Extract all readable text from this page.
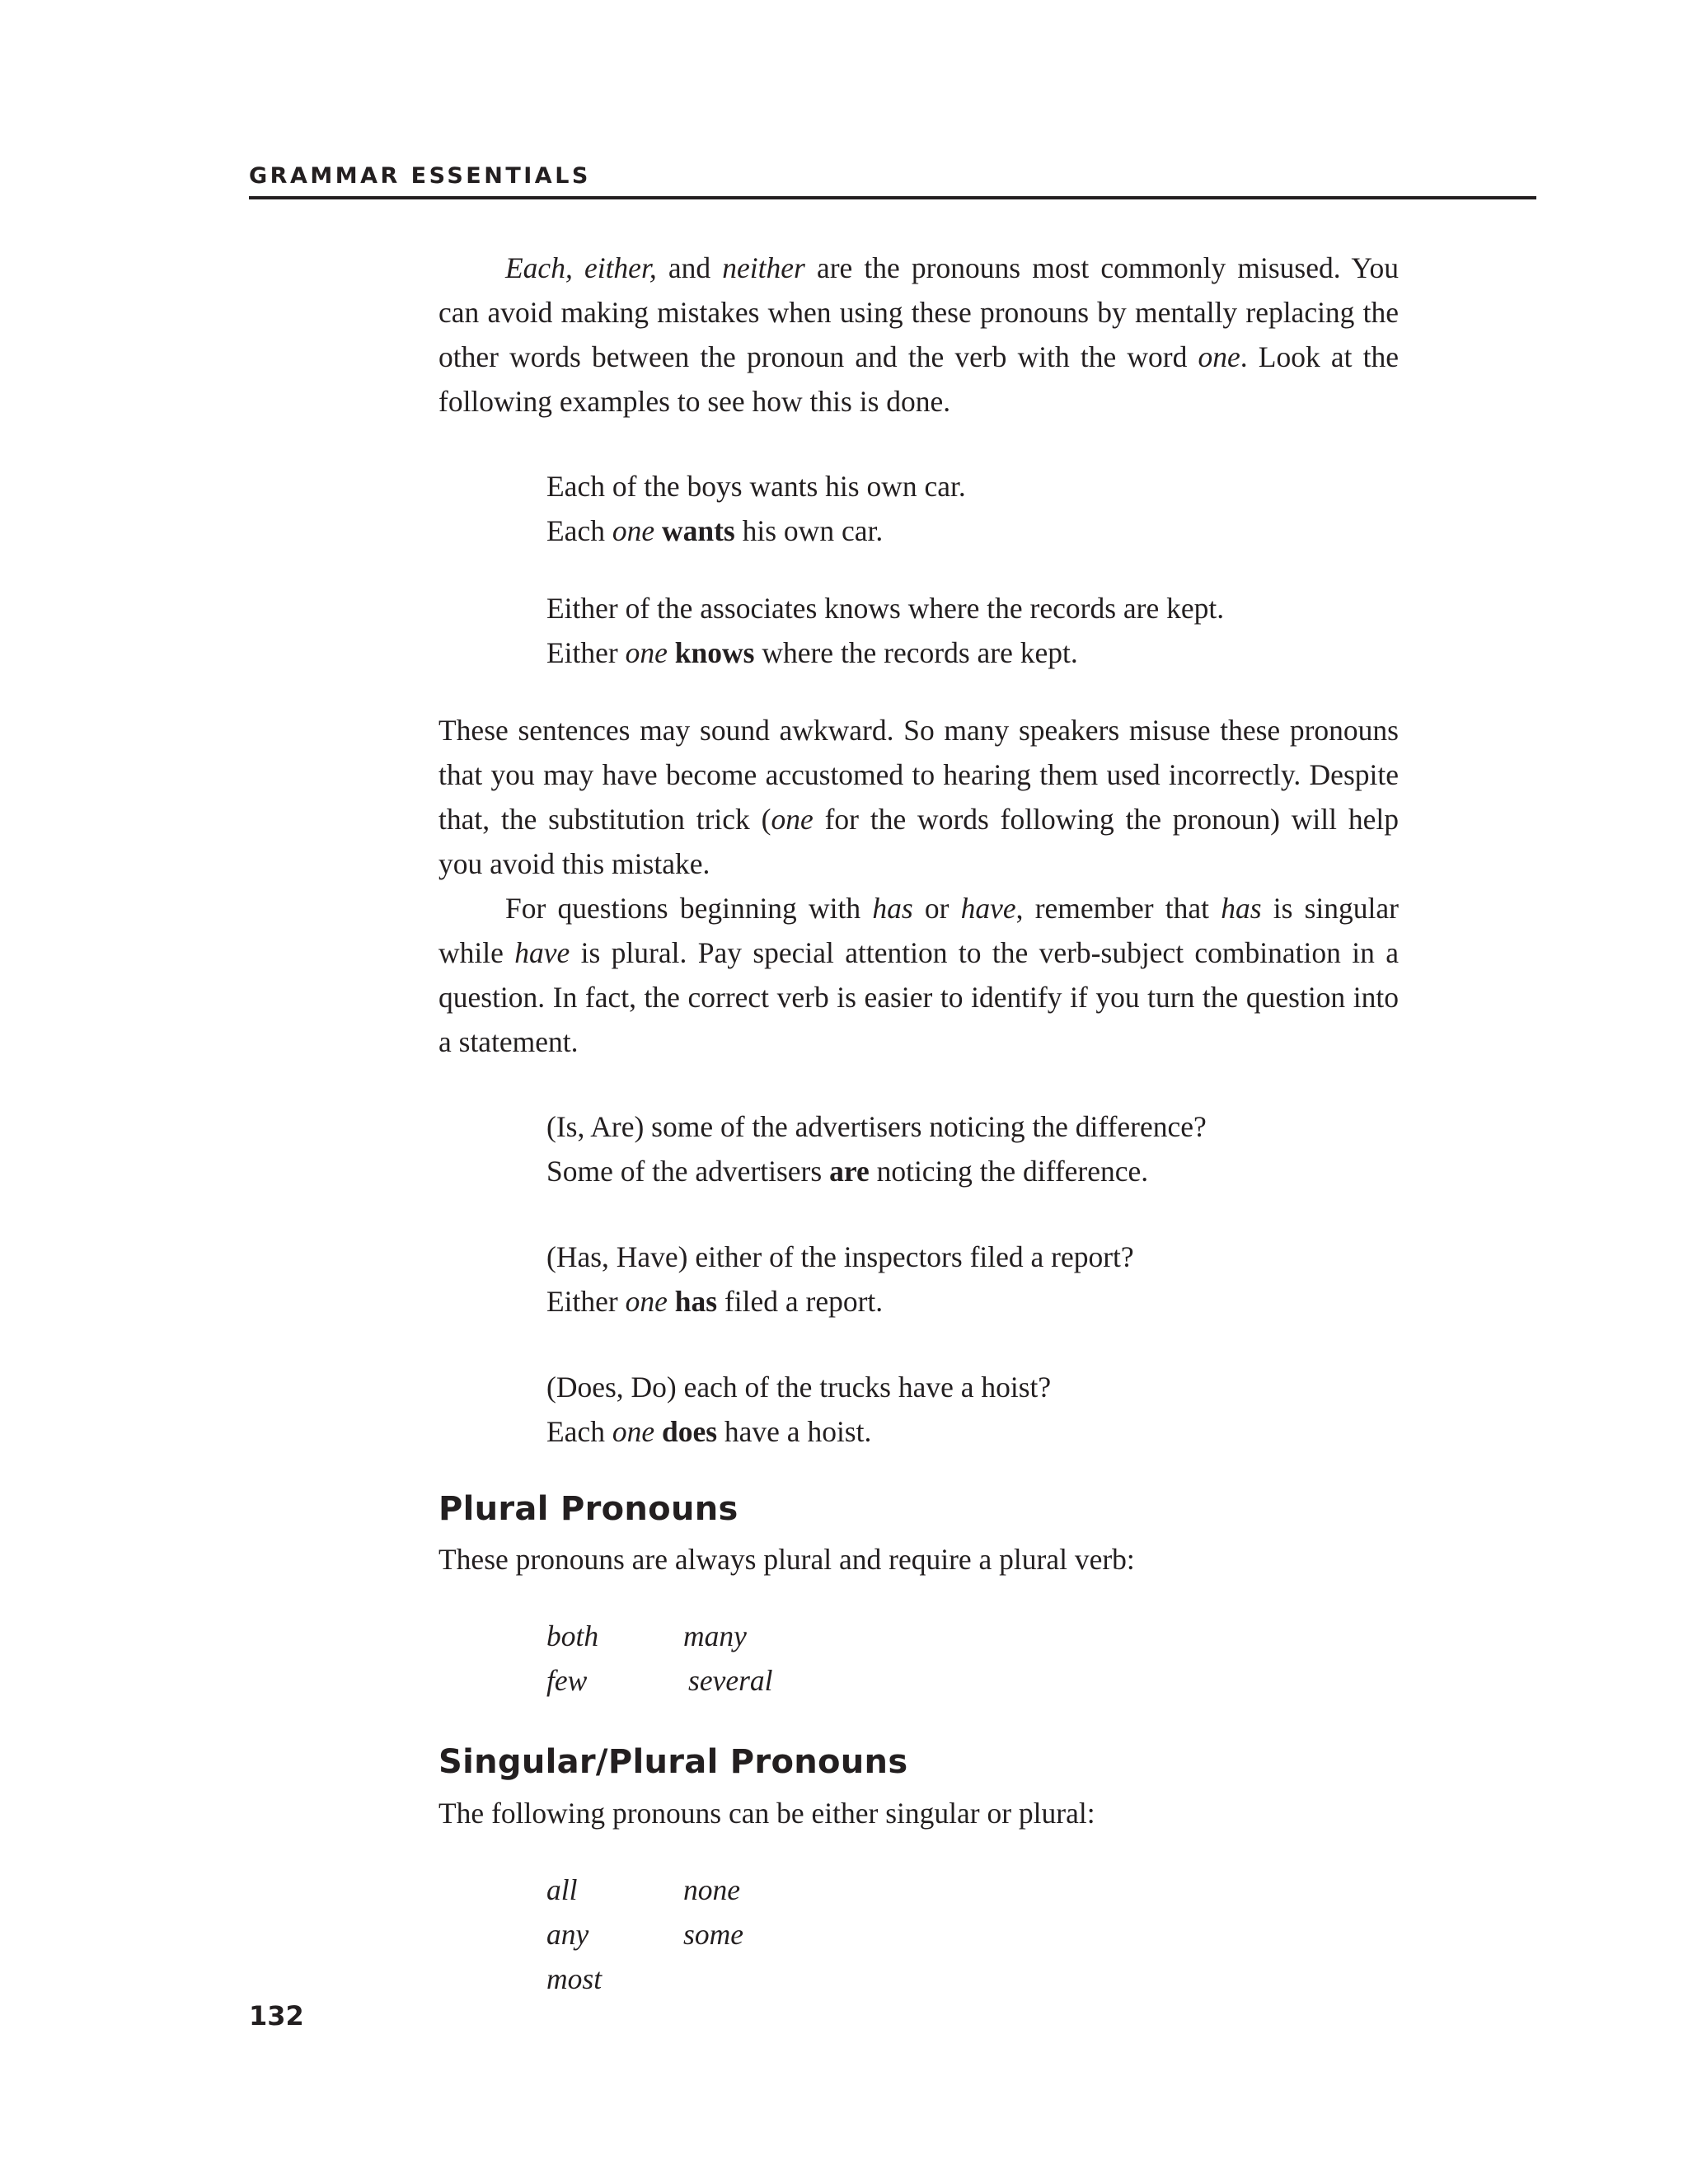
GRAMMAR ESSENTIALS

Each, either, and neither are the pronouns most commonly misused. You can avoid making mistakes when using these pronouns by mentally replacing the other words between the pronoun and the verb with the word one. Look at the following examples to see how this is done.

Each of the boys wants his own car.

Each one wants his own car.

Either of the associates knows where the records are kept.

Either one knows where the records are kept.

These sentences may sound awkward. So many speakers misuse these pronouns that you may have become accustomed to hearing them used incorrectly. Despite that, the substitution trick (one for the words following the pronoun) will help you avoid this mistake.

For questions beginning with has or have, remember that has is singular while have is plural. Pay special attention to the verb-subject combination in a question. In fact, the correct verb is easier to identify if you turn the question into a statement.

(Is, Are) some of the advertisers noticing the difference?

Some of the advertisers are noticing the difference.

(Has, Have) either of the inspectors filed a report?

Either one has filed a report.

(Does, Do) each of the trucks have a hoist?

Each one does have a hoist.

Plural Pronouns
These pronouns are always plural and require a plural verb:
both	many
few	several
Singular/Plural Pronouns
The following pronouns can be either singular or plural:
all	none
any	some
most
132
